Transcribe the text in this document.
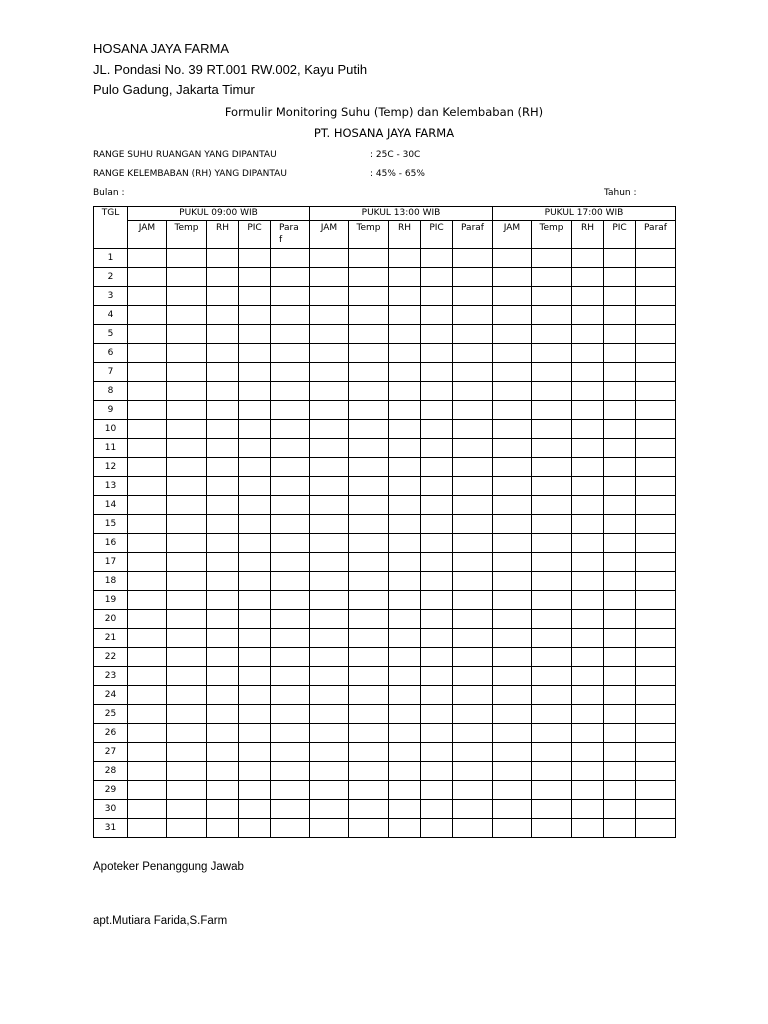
HOSANA JAYA FARMA
JL. Pondasi No. 39 RT.001 RW.002, Kayu Putih
Pulo Gadung, Jakarta Timur
Formulir Monitoring Suhu (Temp) dan Kelembaban (RH)
PT. HOSANA JAYA FARMA
RANGE SUHU RUANGAN YANG DIPANTAU	: 25C - 30C
RANGE KELEMBABAN (RH) YANG DIPANTAU	: 45% - 65%
Bulan :	Tahun :
TGL	PUKUL 09:00 WIB					PUKUL 13:00 WIB					PUKUL 17:00 WIB				
	JAM	Temp	RH	PIC	Paraf	JAM	Temp	RH	PIC	Paraf	JAM	Temp	RH	PIC	Paraf
1															
2															
3															
4															
5															
6															
7															
8															
9															
10															
11															
12															
13															
14															
15															
16															
17															
18															
19															
20															
21															
22															
23															
24															
25															
26															
27															
28															
29															
30															
31															
Apoteker Penanggung Jawab
apt.Mutiara Farida,S.Farm
